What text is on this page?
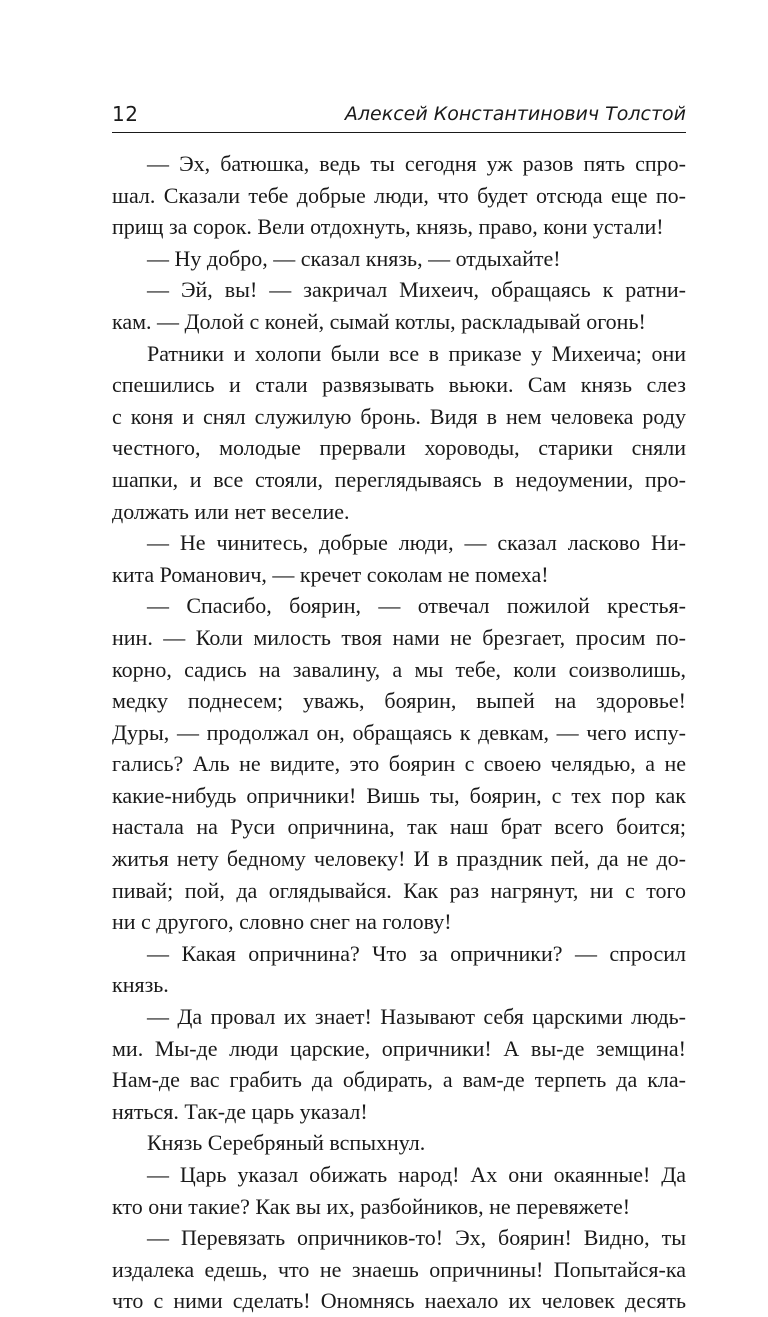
12	Алексей Константинович Толстой
— Эх, батюшка, ведь ты сегодня уж разов пять спро-
шал. Сказали тебе добрые люди, что будет отсюда еще по-
прищ за сорок. Вели отдохнуть, князь, право, кони устали!
— Ну добро, — сказал князь, — отдыхайте!
— Эй, вы! — закричал Михеич, обращаясь к ратни-
кам. — Долой с коней, сымай котлы, раскладывай огонь!
Ратники и холопи были все в приказе у Михеича; они
спешились и стали развязывать вьюки. Сам князь слез
с коня и снял служилую бронь. Видя в нем человека роду
честного, молодые прервали хороводы, старики сняли
шапки, и все стояли, переглядываясь в недоумении, про-
должать или нет веселие.
— Не чинитесь, добрые люди, — сказал ласково Ни-
кита Романович, — кречет соколам не помеха!
— Спасибо, боярин, — отвечал пожилой крестья-
нин. — Коли милость твоя нами не брезгает, просим по-
корно, садись на завалину, а мы тебе, коли соизволишь,
медку поднесем; уважь, боярин, выпей на здоровье!
Дуры, — продолжал он, обращаясь к девкам, — чего испу-
гались? Аль не видите, это боярин с своею челядью, а не
какие-нибудь опричники! Вишь ты, боярин, с тех пор как
настала на Руси опричнина, так наш брат всего боится;
житья нету бедному человеку! И в праздник пей, да не до-
пивай; пой, да оглядывайся. Как раз нагрянут, ни с того
ни с другого, словно снег на голову!
— Какая опричнина? Что за опричники? — спросил
князь.
— Да провал их знает! Называют себя царскими людь-
ми. Мы-де люди царские, опричники! А вы-де земщина!
Нам-де вас грабить да обдирать, а вам-де терпеть да кла-
няться. Так-де царь указал!
Князь Серебряный вспыхнул.
— Царь указал обижать народ! Ах они окаянные! Да
кто они такие? Как вы их, разбойников, не перевяжете!
— Перевязать опричников-то! Эх, боярин! Видно, ты
издалека едешь, что не знаешь опричнины! Попытайся-ка
что с ними сделать! Ономнясь наехало их человек десять
